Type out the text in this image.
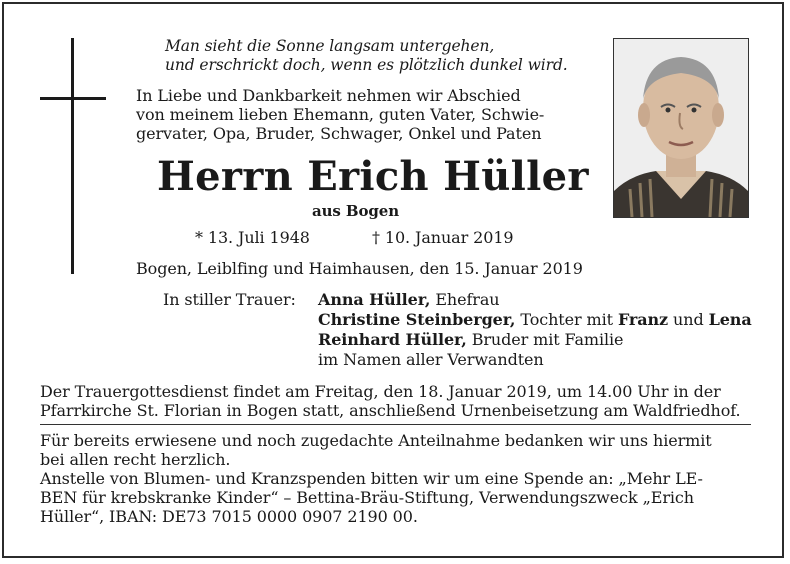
Man sieht die Sonne langsam untergehen,
und erschrickt doch, wenn es plötzlich dunkel wird.
In Liebe und Dankbarkeit nehmen wir Abschied
von meinem lieben Ehemann, guten Vater, Schwie-
gervater, Opa, Bruder, Schwager, Onkel und Paten
Herrn Erich Hüller
aus Bogen
* 13. Juli 1948	† 10. Januar 2019
Bogen, Leiblfing und Haimhausen, den 15. Januar 2019
In stiller Trauer: Anna Hüller, Ehefrau
Christine Steinberger, Tochter mit Franz und Lena
Reinhard Hüller, Bruder mit Familie
im Namen aller Verwandten
Der Trauergottesdienst findet am Freitag, den 18. Januar 2019, um 14.00 Uhr in der
Pfarrkirche St. Florian in Bogen statt, anschließend Urnenbeisetzung am Waldfriedhof.
Für bereits erwiesene und noch zugedachte Anteilnahme bedanken wir uns hiermit
bei allen recht herzlich.
Anstelle von Blumen- und Kranzspenden bitten wir um eine Spende an: „Mehr LE-
BEN für krebskranke Kinder“ – Bettina-Bräu-Stiftung, Verwendungszweck „Erich
Hüller“, IBAN: DE73 7015 0000 0907 2190 00.
